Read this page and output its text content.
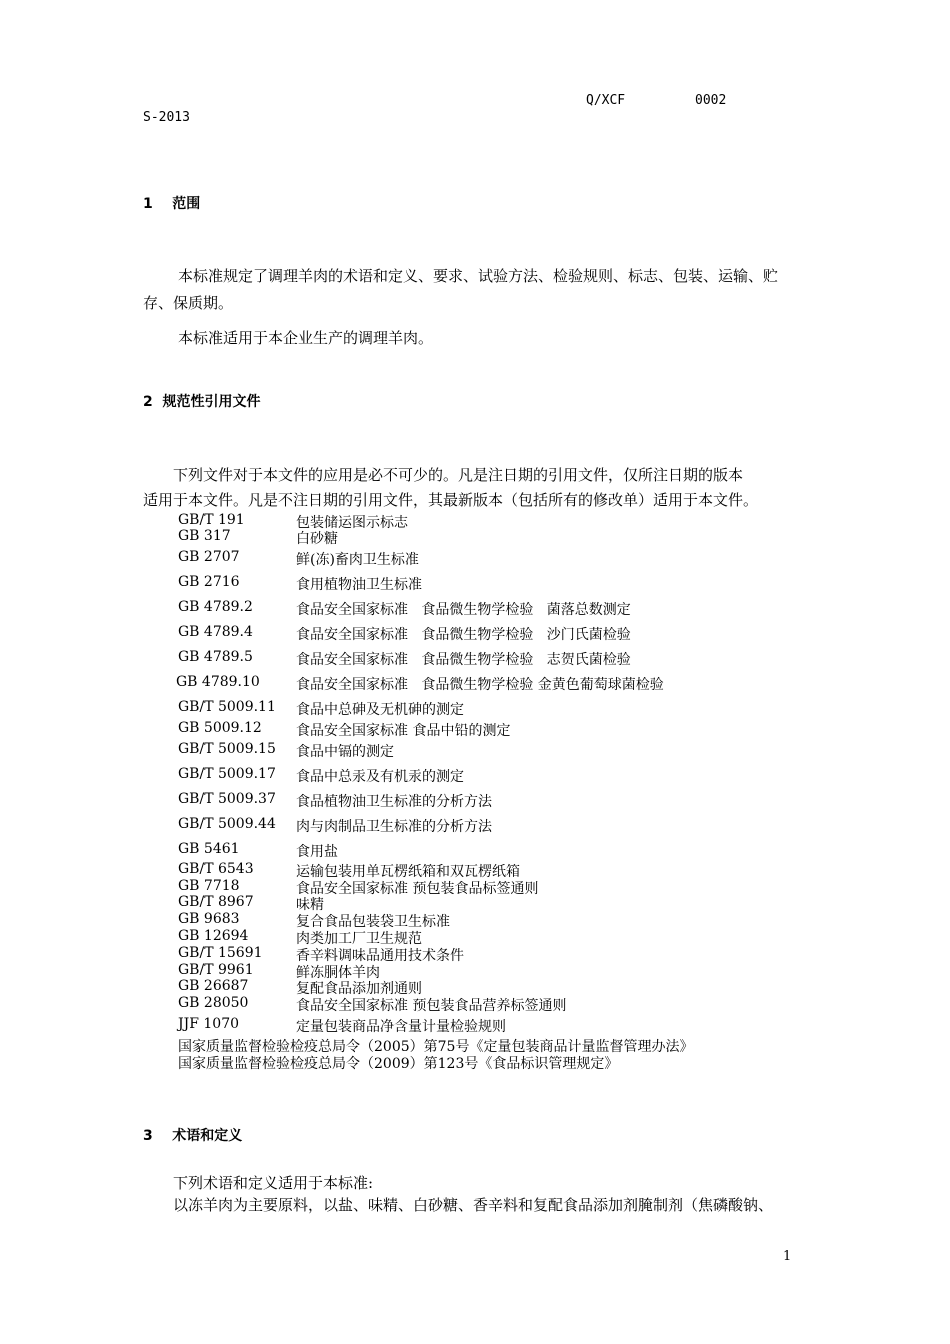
Q/XCF	0002
S-2013
1    范围
本标准规定了调理羊肉的术语和定义、要求、试验方法、检验规则、标志、包装、运输、贮
存、保质期。
本标准适用于本企业生产的调理羊肉。
2  规范性引用文件
下列文件对于本文件的应用是必不可少的。凡是注日期的引用文件，仅所注日期的版本
适用于本文件。凡是不注日期的引用文件，其最新版本（包括所有的修改单）适用于本文件。
GB/T 191	包装储运图示标志
GB 317	白砂糖
GB 2707	鲜(冻)畜肉卫生标准
GB 2716	食用植物油卫生标准
GB 4789.2	食品安全国家标准   食品微生物学检验   菌落总数测定
GB 4789.4	食品安全国家标准   食品微生物学检验   沙门氏菌检验
GB 4789.5	食品安全国家标准   食品微生物学检验   志贺氏菌检验
GB 4789.10	食品安全国家标准   食品微生物学检验 金黄色葡萄球菌检验
GB/T 5009.11 食品中总砷及无机砷的测定
GB 5009.12 食品安全国家标准 食品中铅的测定
GB/T 5009.15 食品中镉的测定
GB/T 5009.17 食品中总汞及有机汞的测定
GB/T 5009.37 食品植物油卫生标准的分析方法
GB/T 5009.44 肉与肉制品卫生标准的分析方法
GB 5461	食用盐
GB/T 6543	运输包装用单瓦楞纸箱和双瓦楞纸箱
GB 7718	食品安全国家标准 预包装食品标签通则
GB/T 8967	味精
GB 9683	复合食品包装袋卫生标准
GB 12694	肉类加工厂卫生规范
GB/T 15691 香辛料调味品通用技术条件
GB/T 9961	鲜冻胴体羊肉
GB 26687	复配食品添加剂通则
GB 28050	食品安全国家标准 预包装食品营养标签通则
JJF 1070	定量包装商品净含量计量检验规则
国家质量监督检验检疫总局令（2005）第75号《定量包装商品计量监督管理办法》
国家质量监督检验检疫总局令（2009）第123号《食品标识管理规定》
3    术语和定义
下列术语和定义适用于本标准:
以冻羊肉为主要原料，以盐、味精、白砂糖、香辛料和复配食品添加剂腌制剂（焦磷酸钠、
1
